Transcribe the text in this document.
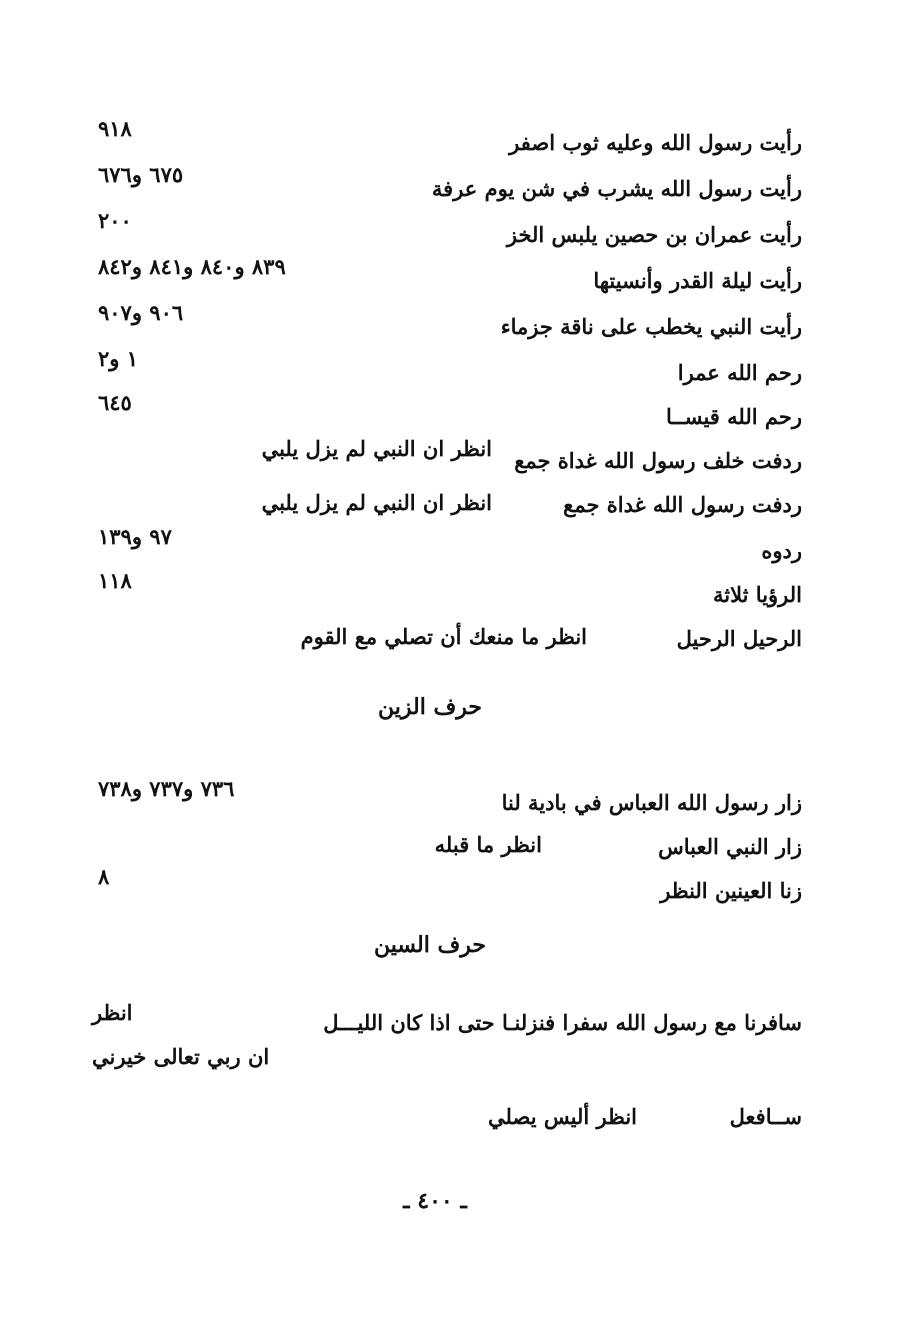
رأيت رسول الله وعليه ثوب اصفر
٩١٨
رأيت رسول الله يشرب في شن يوم عرفة
٦٧٥ و٦٧٦
رأيت عمران بن حصين يلبس الخز
٢٠٠
رأيت ليلة القدر وأنسيتها
٨٣٩ و٨٤٠ و٨٤١ و٨٤٢
رأيت النبي يخطب على ناقة جزماء
٩٠٦ و٩٠٧
رحم الله عمرا
١ و٢
رحم الله قيســا
٦٤٥
ردفت خلف رسول الله غداة جمع
انظر ان النبي لم يزل يلبي
ردفت رسول الله غداة جمع
انظر ان النبي لم يزل يلبي
ردوه
٩٧ و١٣٩
الرؤيا ثلاثة
١١٨
الرحيل الرحيل
انظر ما منعك أن تصلي مع القوم
حرف الزين
زار رسول الله العباس في بادية لنا
٧٣٦ و٧٣٧ و٧٣٨
زار النبي العباس
انظر ما قبله
زنا العينين النظر
٨
حرف السين
سافرنا مع رسول الله سفرا فنزلنـا حتى اذا كان الليـــل
انظر
ان ربي تعالى خيرني
ســافعل
انظر أليس يصلي
ـ ٤٠٠ ـ
